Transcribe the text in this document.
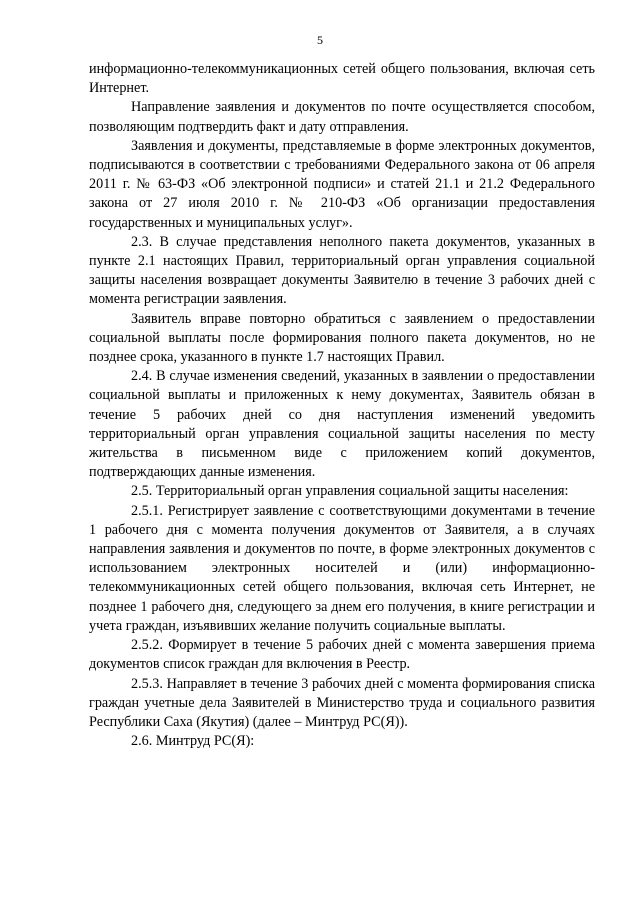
5

информационно-телекоммуникационных сетей общего пользования, включая сеть Интернет.

Направление заявления и документов по почте осуществляется способом, позволяющим подтвердить факт и дату отправления.

Заявления и документы, представляемые в форме электронных документов, подписываются в соответствии с требованиями Федерального закона от 06 апреля 2011 г. № 63-ФЗ «Об электронной подписи» и статей 21.1 и 21.2 Федерального закона от 27 июля 2010 г. № 210-ФЗ «Об организации предоставления государственных и муниципальных услуг».

2.3. В случае представления неполного пакета документов, указанных в пункте 2.1 настоящих Правил, территориальный орган управления социальной защиты населения возвращает документы Заявителю в течение 3 рабочих дней с момента регистрации заявления.

Заявитель вправе повторно обратиться с заявлением о предоставлении социальной выплаты после формирования полного пакета документов, но не позднее срока, указанного в пункте 1.7 настоящих Правил.

2.4. В случае изменения сведений, указанных в заявлении о предоставлении социальной выплаты и приложенных к нему документах, Заявитель обязан в течение 5 рабочих дней со дня наступления изменений уведомить территориальный орган управления социальной защиты населения по месту жительства в письменном виде с приложением копий документов, подтверждающих данные изменения.

2.5. Территориальный орган управления социальной защиты населения:

2.5.1. Регистрирует заявление с соответствующими документами в течение 1 рабочего дня с момента получения документов от Заявителя, а в случаях направления заявления и документов по почте, в форме электронных документов с использованием электронных носителей и (или) информационно-телекоммуникационных сетей общего пользования, включая сеть Интернет, не позднее 1 рабочего дня, следующего за днем его получения, в книге регистрации и учета граждан, изъявивших желание получить социальные выплаты.

2.5.2. Формирует в течение 5 рабочих дней с момента завершения приема документов список граждан для включения в Реестр.

2.5.3. Направляет в течение 3 рабочих дней с момента формирования списка граждан учетные дела Заявителей в Министерство труда и социального развития Республики Саха (Якутия) (далее – Минтруд РС(Я)).

2.6. Минтруд РС(Я):
